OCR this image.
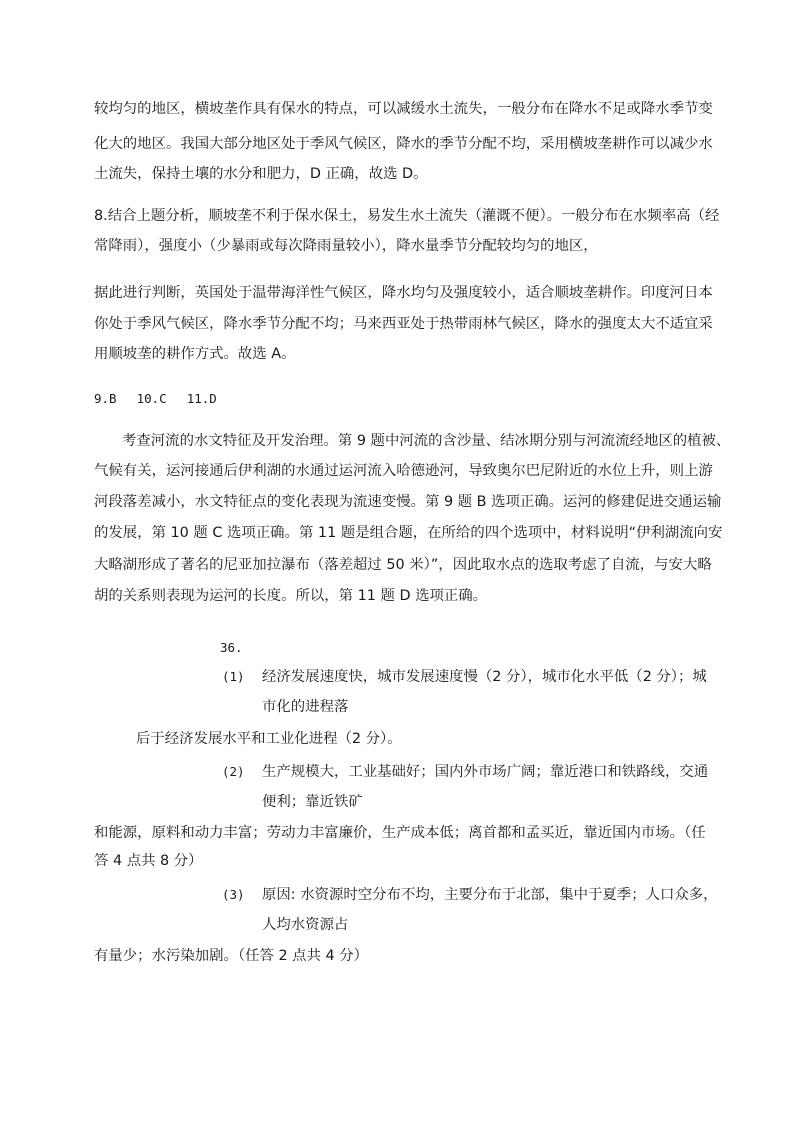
较均匀的地区，横坡垄作具有保水的特点，可以减缓水土流失，一般分布在降水不足或降水季节变
化大的地区。我国大部分地区处于季风气候区，降水的季节分配不均，采用横坡垄耕作可以减少水
土流失，保持土壤的水分和肥力，D 正确，故选 D。
8.结合上题分析，顺坡垄不利于保水保土，易发生水土流失（灌溉不便）。一般分布在水频率高（经
常降雨），强度小（少暴雨或每次降雨量较小），降水量季节分配较均匀的地区，
据此进行判断，英国处于温带海洋性气候区，降水均匀及强度较小，适合顺坡垄耕作。印度河日本
你处于季风气候区，降水季节分配不均；马来西亚处于热带雨林气候区，降水的强度太大不适宜采
用顺坡垄的耕作方式。故选 A。
9.B　 10.C　 11.D
考查河流的水文特征及开发治理。第 9 题中河流的含沙量、结冰期分别与河流流经地区的植被、
气候有关，运河接通后伊利湖的水通过运河流入哈德逊河，导致奥尔巴尼附近的水位上升，则上游
河段落差减小，水文特征点的变化表现为流速变慢。第 9 题 B 选项正确。运河的修建促进交通运输
的发展，第 10 题 C 选项正确。第 11 题是组合题，在所给的四个选项中，材料说明“伊利湖流向安
大略湖形成了著名的尼亚加拉瀑布（落差超过 50 米）”，因此取水点的选取考虑了自流，与安大略
胡的关系则表现为运河的长度。所以，第 11 题 D 选项正确。
36.
(1) 经济发展速度快，城市发展速度慢（2 分），城市化水平低（2 分）；城
市化的进程落
后于经济发展水平和工业化进程（2 分）。
(2) 生产规模大，工业基础好；国内外市场广阔；靠近港口和铁路线，交通
便利；靠近铁矿
和能源，原料和动力丰富；劳动力丰富廉价，生产成本低；离首都和孟买近，靠近国内市场。（任
答 4 点共 8 分）
(3) 原因: 水资源时空分布不均，主要分布于北部，集中于夏季；人口众多，
人均水资源占
有量少；水污染加剧。（任答 2 点共 4 分）
